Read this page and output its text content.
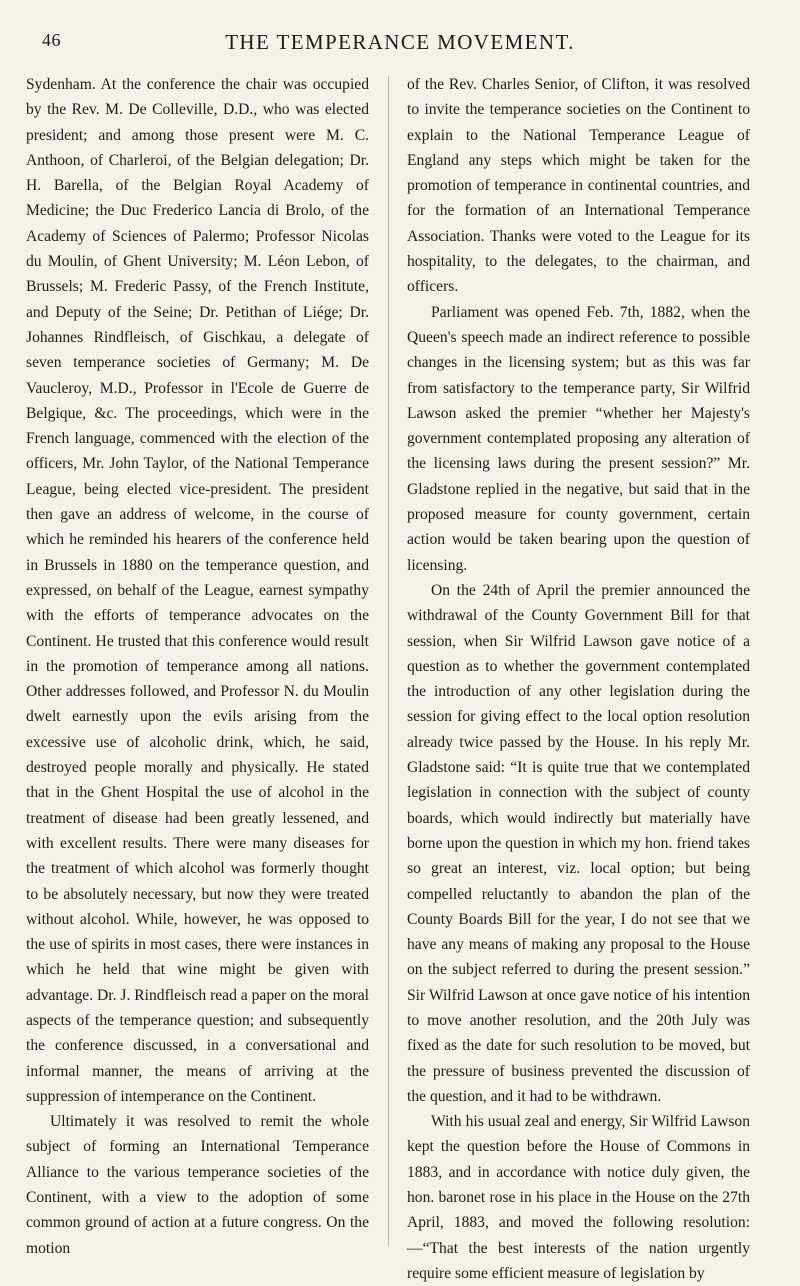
46	THE TEMPERANCE MOVEMENT.

Sydenham. At the conference the chair was occupied by the Rev. M. De Colleville, D.D., who was elected president; and among those present were M. C. Anthoon, of Charleroi, of the Belgian delegation; Dr. H. Barella, of the Belgian Royal Academy of Medicine; the Duc Frederico Lancia di Brolo, of the Academy of Sciences of Palermo; Professor Nicolas du Moulin, of Ghent University; M. Léon Lebon, of Brussels; M. Frederic Passy, of the French Institute, and Deputy of the Seine; Dr. Petithan of Liége; Dr. Johannes Rindfleisch, of Gischkau, a delegate of seven temperance societies of Germany; M. De Vaucleroy, M.D., Professor in l'Ecole de Guerre de Belgique, &c. The proceedings, which were in the French language, commenced with the election of the officers, Mr. John Taylor, of the National Temperance League, being elected vice-president. The president then gave an address of welcome, in the course of which he reminded his hearers of the conference held in Brussels in 1880 on the temperance question, and expressed, on behalf of the League, earnest sympathy with the efforts of temperance advocates on the Continent. He trusted that this conference would result in the promotion of temperance among all nations. Other addresses followed, and Professor N. du Moulin dwelt earnestly upon the evils arising from the excessive use of alcoholic drink, which, he said, destroyed people morally and physically. He stated that in the Ghent Hospital the use of alcohol in the treatment of disease had been greatly lessened, and with excellent results. There were many diseases for the treatment of which alcohol was formerly thought to be absolutely necessary, but now they were treated without alcohol. While, however, he was opposed to the use of spirits in most cases, there were instances in which he held that wine might be given with advantage. Dr. J. Rindfleisch read a paper on the moral aspects of the temperance question; and subsequently the conference discussed, in a conversational and informal manner, the means of arriving at the suppression of intemperance on the Continent.

Ultimately it was resolved to remit the whole subject of forming an International Temperance Alliance to the various temperance societies of the Continent, with a view to the adoption of some common ground of action at a future congress. On the motion

of the Rev. Charles Senior, of Clifton, it was resolved to invite the temperance societies on the Continent to explain to the National Temperance League of England any steps which might be taken for the promotion of temperance in continental countries, and for the formation of an International Temperance Association. Thanks were voted to the League for its hospitality, to the delegates, to the chairman, and officers.

Parliament was opened Feb. 7th, 1882, when the Queen's speech made an indirect reference to possible changes in the licensing system; but as this was far from satisfactory to the temperance party, Sir Wilfrid Lawson asked the premier “whether her Majesty's government contemplated proposing any alteration of the licensing laws during the present session?” Mr. Gladstone replied in the negative, but said that in the proposed measure for county government, certain action would be taken bearing upon the question of licensing.

On the 24th of April the premier announced the withdrawal of the County Government Bill for that session, when Sir Wilfrid Lawson gave notice of a question as to whether the government contemplated the introduction of any other legislation during the session for giving effect to the local option resolution already twice passed by the House. In his reply Mr. Gladstone said: “It is quite true that we contemplated legislation in connection with the subject of county boards, which would indirectly but materially have borne upon the question in which my hon. friend takes so great an interest, viz. local option; but being compelled reluctantly to abandon the plan of the County Boards Bill for the year, I do not see that we have any means of making any proposal to the House on the subject referred to during the present session.” Sir Wilfrid Lawson at once gave notice of his intention to move another resolution, and the 20th July was fixed as the date for such resolution to be moved, but the pressure of business prevented the discussion of the question, and it had to be withdrawn.

With his usual zeal and energy, Sir Wilfrid Lawson kept the question before the House of Commons in 1883, and in accordance with notice duly given, the hon. baronet rose in his place in the House on the 27th April, 1883, and moved the following resolution:—“That the best interests of the nation urgently require some efficient measure of legislation by
